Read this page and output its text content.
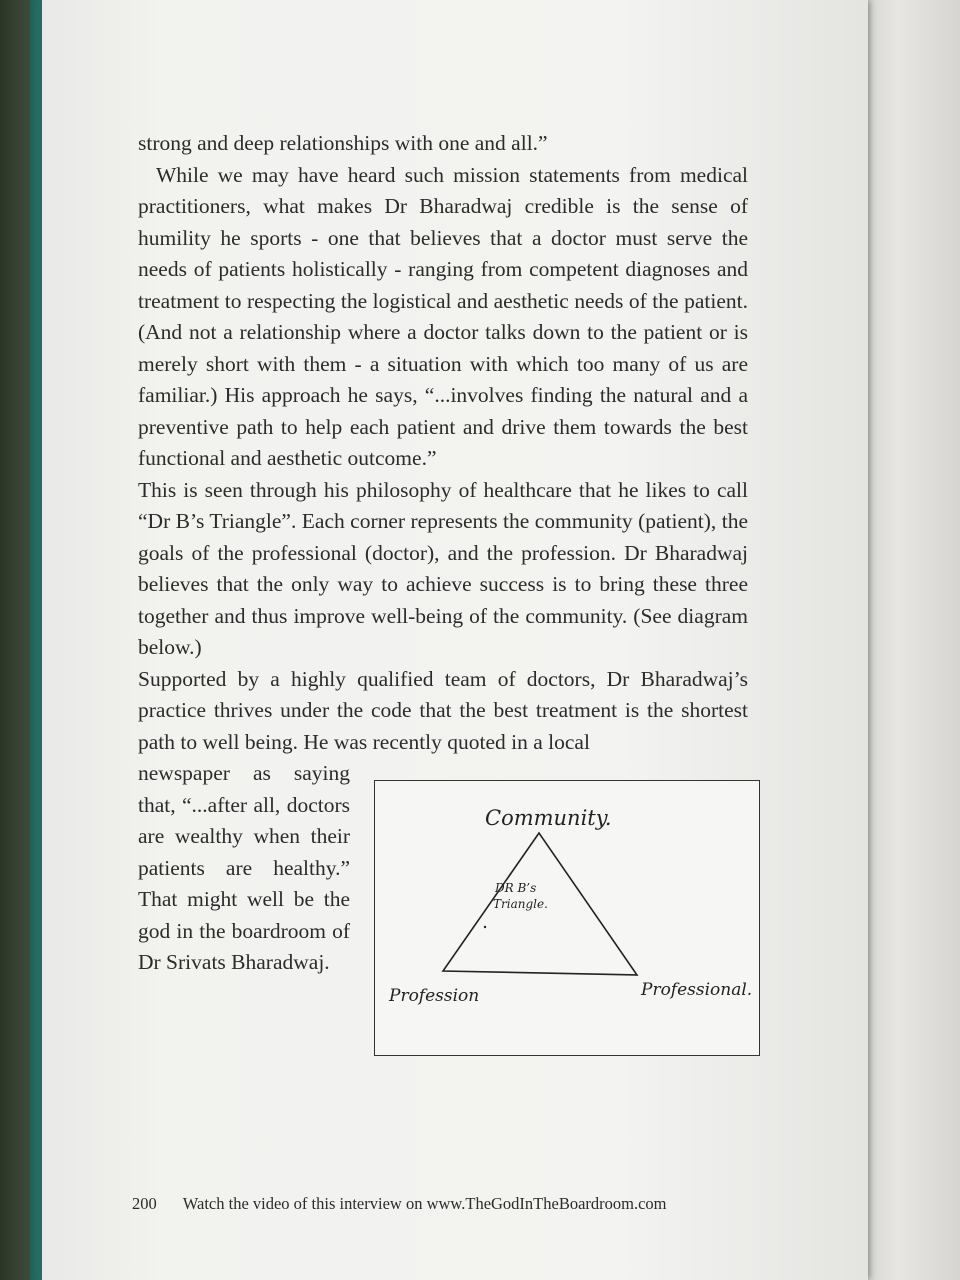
strong and deep relationships with one and all.”

While we may have heard such mission statements from medical practitioners, what makes Dr Bharadwaj credible is the sense of humility he sports - one that believes that a doctor must serve the needs of patients holistically - ranging from competent diagnoses and treatment to respecting the logistical and aesthetic needs of the patient. (And not a relationship where a doctor talks down to the patient or is merely short with them - a situation with which too many of us are familiar.) His approach he says, “...involves finding the natural and a preventive path to help each patient and drive them towards the best functional and aesthetic outcome.”

This is seen through his philosophy of healthcare that he likes to call “Dr B’s Triangle”. Each corner represents the community (patient), the goals of the professional (doctor), and the profession. Dr Bharadwaj believes that the only way to achieve success is to bring these three together and thus improve well-being of the community. (See diagram below.)

Supported by a highly qualified team of doctors, Dr Bharadwaj’s practice thrives under the code that the best treatment is the shortest path to well being. He was recently quoted in a local

newspaper as saying that, “...after all, doctors are wealthy when their patients are healthy.” That might well be the god in the boardroom of Dr Srivats Bharadwaj.

Community.
DR B’s
Triangle.
Profession	Professional.
200 Watch the video of this interview on www.TheGodInTheBoardroom.com
